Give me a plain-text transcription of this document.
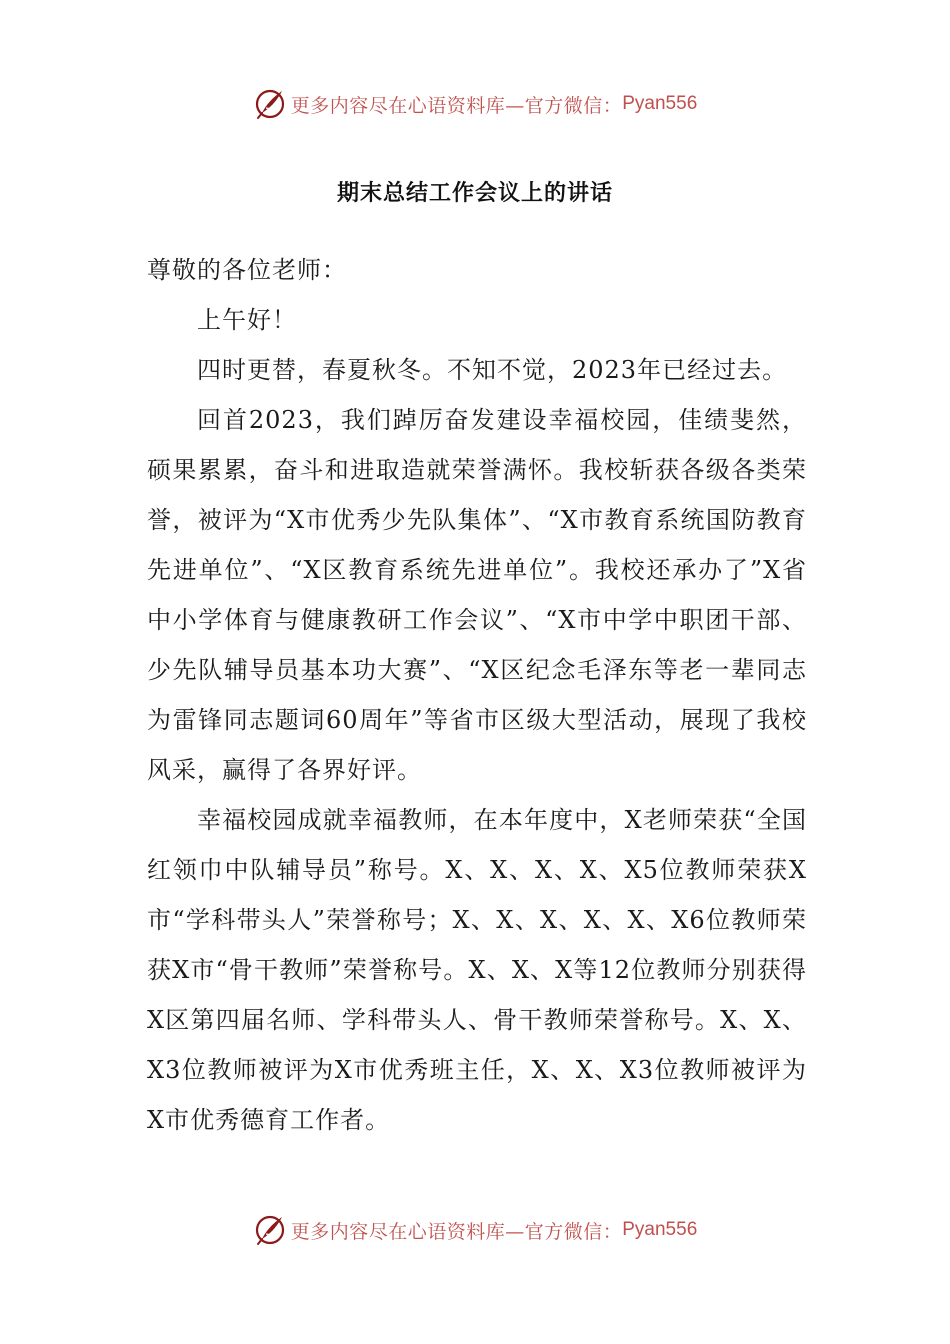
更多内容尽在心语资料库—官方微信： Pyan556
期末总结工作会议上的讲话

尊敬的各位老师：

上午好！

四时更替，春夏秋冬。不知不觉，2023年已经过去。

回首2023，我们踔厉奋发建设幸福校园，佳绩斐然，硕果累累，奋斗和进取造就荣誉满怀。我校斩获各级各类荣誉，被评为“X市优秀少先队集体”、“X市教育系统国防教育先进单位”、“X区教育系统先进单位”。我校还承办了”X省中小学体育与健康教研工作会议”、“X市中学中职团干部、少先队辅导员基本功大赛”、“X区纪念毛泽东等老一辈同志为雷锋同志题词60周年”等省市区级大型活动，展现了我校风采，赢得了各界好评。

幸福校园成就幸福教师，在本年度中，X老师荣获“全国红领巾中队辅导员”称号。X、X、X、X、X5位教师荣获X市“学科带头人”荣誉称号；X、X、X、X、X、X6位教师荣获X市“骨干教师”荣誉称号。X、X、X等12位教师分别获得X区第四届名师、学科带头人、骨干教师荣誉称号。X、X、X3位教师被评为X市优秀班主任，X、X、X3位教师被评为X市优秀德育工作者。

更多内容尽在心语资料库—官方微信： Pyan556
